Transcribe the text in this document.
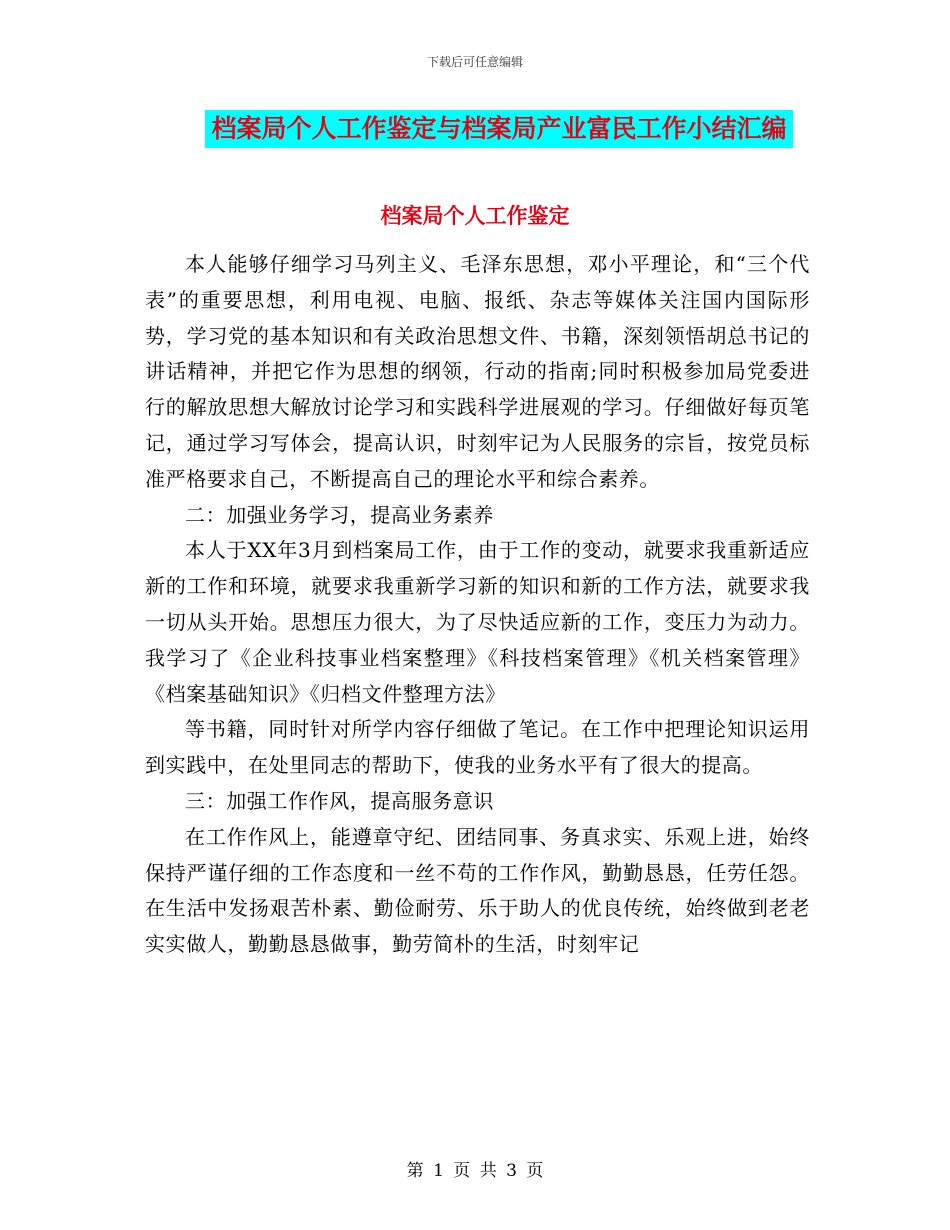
下载后可任意编辑
档案局个人工作鉴定与档案局产业富民工作小结汇编
档案局个人工作鉴定

本人能够仔细学习马列主义、毛泽东思想，邓小平理论，和“三个代表”的重要思想，利用电视、电脑、报纸、杂志等媒体关注国内国际形势，学习党的基本知识和有关政治思想文件、书籍，深刻领悟胡总书记的讲话精神，并把它作为思想的纲领，行动的指南;同时积极参加局党委进行的解放思想大解放讨论学习和实践科学进展观的学习。仔细做好每页笔记，通过学习写体会，提高认识，时刻牢记为人民服务的宗旨，按党员标准严格要求自己，不断提高自己的理论水平和综合素养。

二：加强业务学习，提高业务素养

本人于XX年3月到档案局工作，由于工作的变动，就要求我重新适应新的工作和环境，就要求我重新学习新的知识和新的工作方法，就要求我一切从头开始。思想压力很大，为了尽快适应新的工作，变压力为动力。我学习了《企业科技事业档案整理》《科技档案管理》《机关档案管理》《档案基础知识》《归档文件整理方法》

等书籍，同时针对所学内容仔细做了笔记。在工作中把理论知识运用到实践中，在处里同志的帮助下，使我的业务水平有了很大的提高。

三：加强工作作风，提高服务意识

在工作作风上，能遵章守纪、团结同事、务真求实、乐观上进，始终保持严谨仔细的工作态度和一丝不苟的工作作风，勤勤恳恳，任劳任怨。在生活中发扬艰苦朴素、勤俭耐劳、乐于助人的优良传统，始终做到老老实实做人，勤勤恳恳做事，勤劳简朴的生活，时刻牢记

第 1 页 共 3 页
